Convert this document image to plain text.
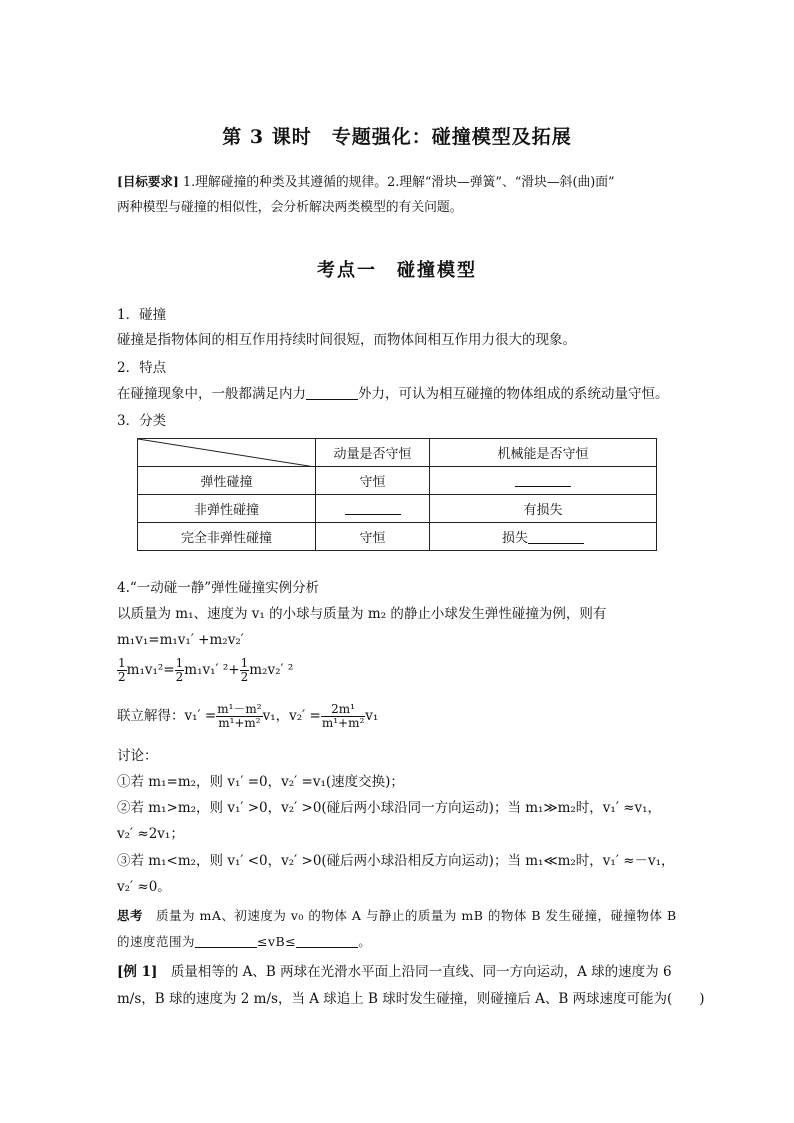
第 3 课时　专题强化：碰撞模型及拓展
[目标要求] 1.理解碰撞的种类及其遵循的规律。2.理解“滑块—弹簧”、“滑块—斜(曲)面”
两种模型与碰撞的相似性，会分析解决两类模型的有关问题。
考点一　碰撞模型
1．碰撞
碰撞是指物体间的相互作用持续时间很短，而物体间相互作用力很大的现象。
2．特点
在碰撞现象中，一般都满足内力	外力，可认为相互碰撞的物体组成的系统动量守恒。
3．分类
	动量是否守恒	机械能是否守恒
弹性碰撞	守恒	
非弹性碰撞		有损失
完全非弹性碰撞	守恒	损失
4.“一动碰一静”弹性碰撞实例分析
以质量为 m₁、速度为 v₁ 的小球与质量为 m₂ 的静止小球发生弹性碰撞为例，则有
m₁v₁=m₁v₁′ +m₂v₂′
$\frac{1}{2} m_1v_1^2= \frac{1}{2} m_1v_1'$ $^2+ \frac{1}{2} m_2v_2'$ ²
联立解得：$v_1' = \frac{\text{m¹－m²}}{\text{m¹+m²}} v_1$，$v_2' = \frac{\text{2m¹}}{\text{m¹+m²}} v_1$
讨论：
①若 m₁=m₂，则 v₁′ =0，v₂′ =v₁(速度交换)；
②若 m₁>m₂，则 v₁′ >0，v₂′ >0(碰后两小球沿同一方向运动)；当 m₁≫m₂时，v₁′ ≈v₁，
v₂′ ≈2v₁；
③若 m₁<m₂，则 v₁′ <0，v₂′ >0(碰后两小球沿相反方向运动)；当 m₁≪m₂时，v₁′ ≈－v₁，
v₂′ ≈0。
思考　 质量为 mA、初速度为 v₀ 的物体 A 与静止的质量为 mB 的物体 B 发生碰撞，碰撞物体 B
的速度范围为	≤vB≤	。
[例 1]　 质量相等的 A、B 两球在光滑水平面上沿同一直线、同一方向运动，A 球的速度为 6
m/s，B 球的速度为 2 m/s，当 A 球追上 B 球时发生碰撞，则碰撞后 A、B 两球速度可能为(　　)
